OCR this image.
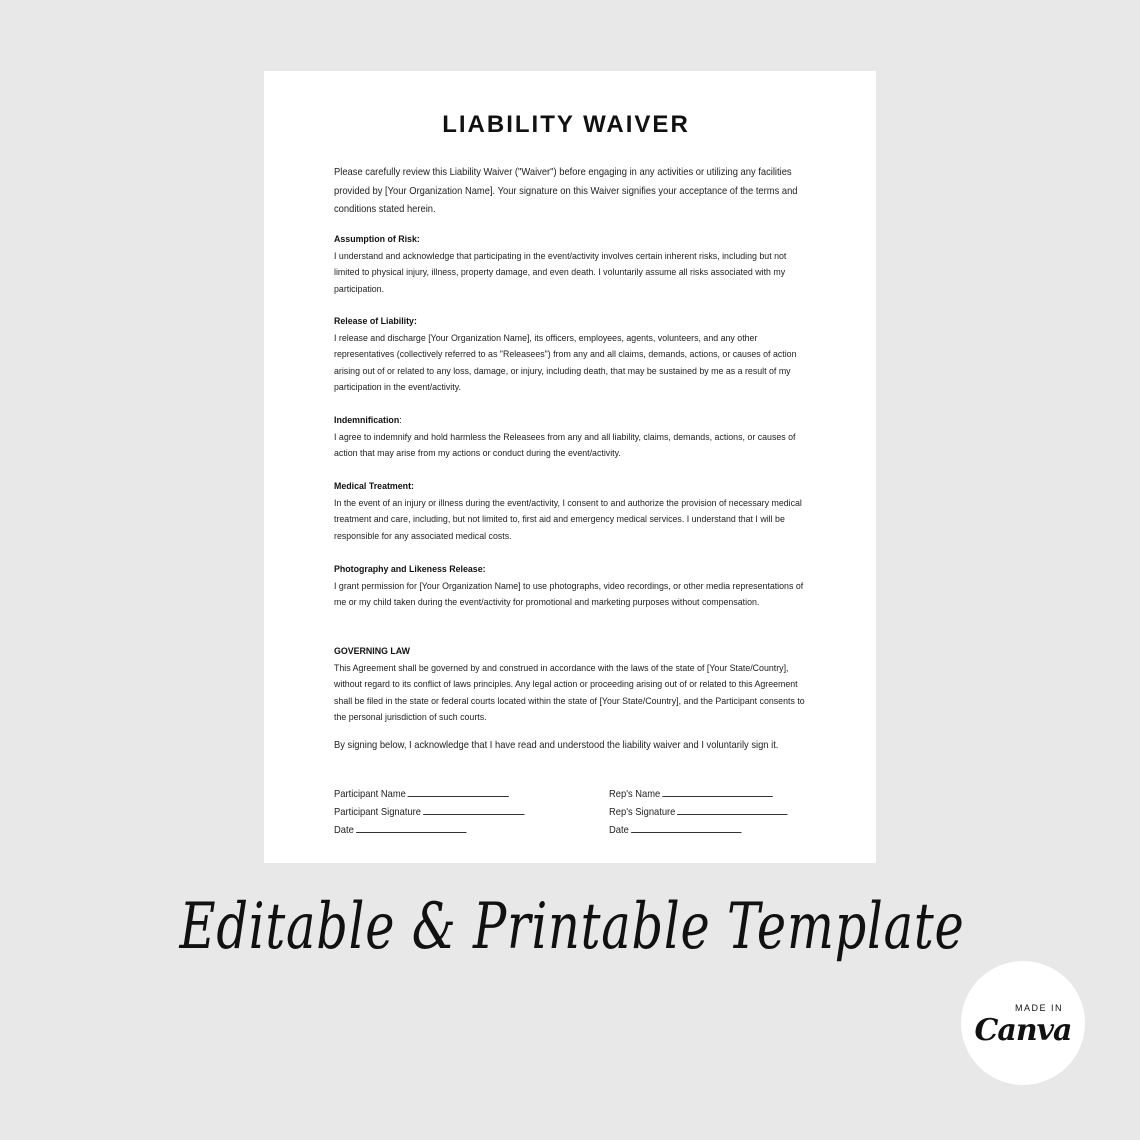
LIABILITY WAIVER

Please carefully review this Liability Waiver ("Waiver") before engaging in any activities or utilizing any facilities provided by [Your Organization Name]. Your signature on this Waiver signifies your acceptance of the terms and conditions stated herein.

Assumption of Risk:

I understand and acknowledge that participating in the event/activity involves certain inherent risks, including but not limited to physical injury, illness, property damage, and even death. I voluntarily assume all risks associated with my participation.

Release of Liability:

I release and discharge [Your Organization Name], its officers, employees, agents, volunteers, and any other representatives (collectively referred to as "Releasees") from any and all claims, demands, actions, or causes of action arising out of or related to any loss, damage, or injury, including death, that may be sustained by me as a result of my participation in the event/activity.

Indemnification:

I agree to indemnify and hold harmless the Releasees from any and all liability, claims, demands, actions, or causes of action that may arise from my actions or conduct during the event/activity.

Medical Treatment:

In the event of an injury or illness during the event/activity, I consent to and authorize the provision of necessary medical treatment and care, including, but not limited to, first aid and emergency medical services. I understand that I will be responsible for any associated medical costs.

Photography and Likeness Release:

I grant permission for [Your Organization Name] to use photographs, video recordings, or other media representations of me or my child taken during the event/activity for promotional and marketing purposes without compensation.

GOVERNING LAW

This Agreement shall be governed by and construed in accordance with the laws of the state of [Your State/Country], without regard to its conflict of laws principles. Any legal action or proceeding arising out of or related to this Agreement shall be filed in the state or federal courts located within the state of [Your State/Country], and the Participant consents to the personal jurisdiction of such courts.

By signing below, I acknowledge that I have read and understood the liability waiver and I voluntarily sign it.

Participant Name
Participant Signature
Date
Rep's Name
Rep's Signature
Date
Editable & Printable Template
MADE IN
Canva
